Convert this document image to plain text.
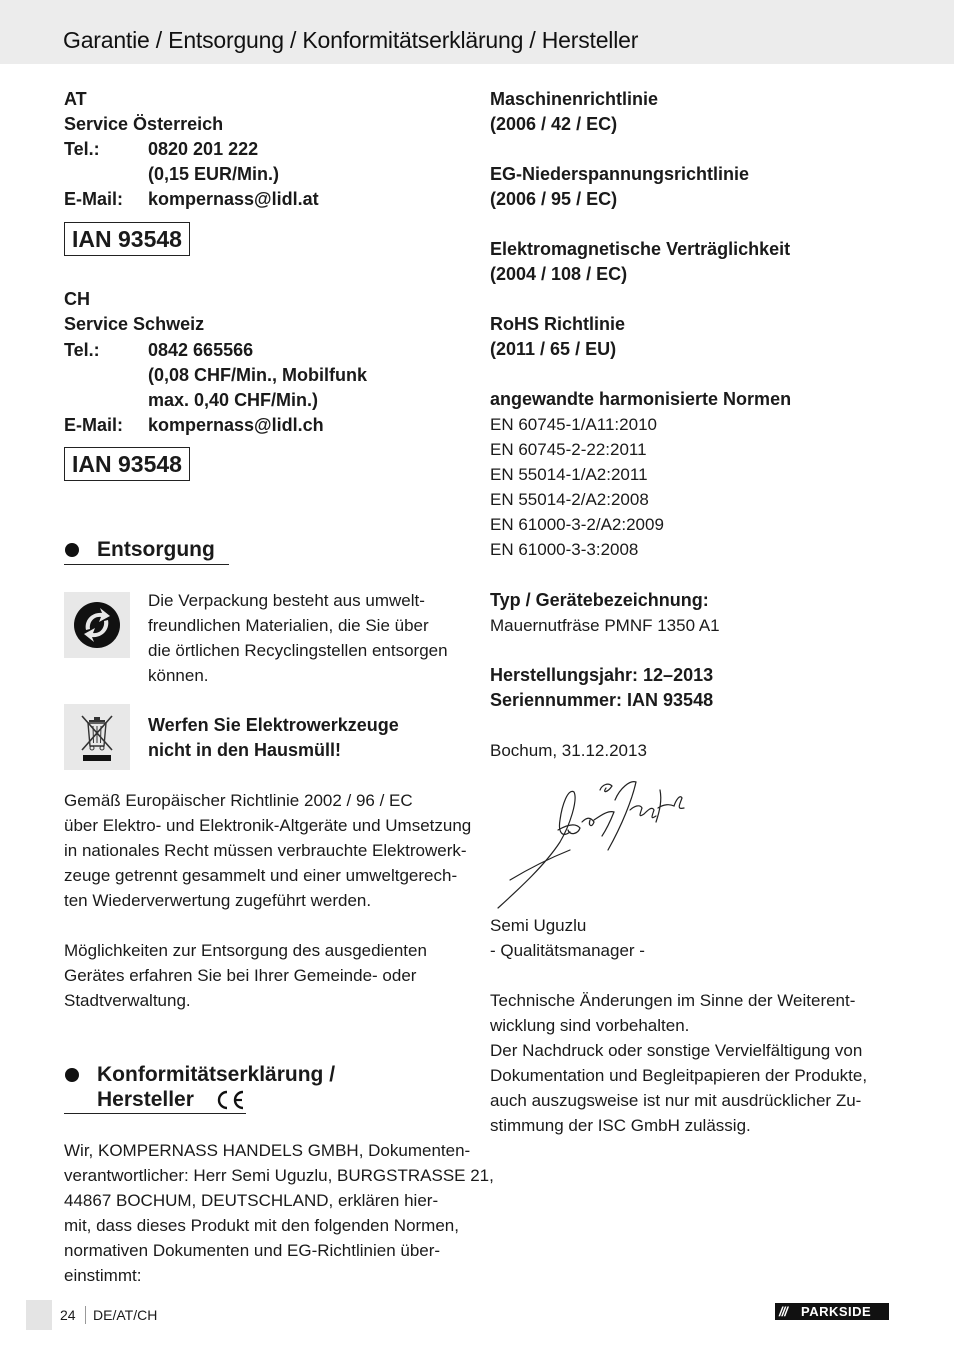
Garantie / Entsorgung / Konformitätserklärung / Hersteller
AT
Service Österreich
Tel.:	0820 201 222
(0,15 EUR/Min.)
E-Mail: kompernass@lidl.at
IAN 93548
CH
Service Schweiz
Tel.:	0842 665566
(0,08 CHF/Min., Mobilfunk
max. 0,40 CHF/Min.)
E-Mail: kompernass@lidl.ch
IAN 93548
Entsorgung
Die Verpackung besteht aus umwelt-
freundlichen Materialien, die Sie über
die örtlichen Recyclingstellen entsorgen
können.
Werfen Sie Elektrowerkzeuge
nicht in den Hausmüll!
Gemäß Europäischer Richtlinie 2002 / 96 / EC
über Elektro- und Elektronik-Altgeräte und Umsetzung
in nationales Recht müssen verbrauchte Elektrowerk-
zeuge getrennt gesammelt und einer umweltgerech-
ten Wiederverwertung zugeführt werden.
Möglichkeiten zur Entsorgung des ausgedienten
Gerätes erfahren Sie bei Ihrer Gemeinde- oder
Stadtverwaltung.
Konformitätserklärung /
Hersteller
Wir, KOMPERNASS HANDELS GMBH, Dokumenten-
verantwortlicher: Herr Semi Uguzlu, BURGSTRASSE 21,
44867 BOCHUM, DEUTSCHLAND, erklären hier-
mit, dass dieses Produkt mit den folgenden Normen,
normativen Dokumenten und EG-Richtlinien über-
einstimmt:
Maschinenrichtlinie
(2006 / 42 / EC)
EG-Niederspannungsrichtlinie
(2006 / 95 / EC)
Elektromagnetische Verträglichkeit
(2004 / 108 / EC)
RoHS Richtlinie
(2011 / 65 / EU)
angewandte harmonisierte Normen
EN 60745-1/A11:2010
EN 60745-2-22:2011
EN 55014-1/A2:2011
EN 55014-2/A2:2008
EN 61000-3-2/A2:2009
EN 61000-3-3:2008
Typ / Gerätebezeichnung:
Mauernutfräse PMNF 1350 A1
Herstellungsjahr: 12–2013
Seriennummer: IAN 93548
Bochum, 31.12.2013
Semi Uguzlu
- Qualitätsmanager -
Technische Änderungen im Sinne der Weiterent-
wicklung sind vorbehalten.
Der Nachdruck oder sonstige Vervielfältigung von
Dokumentation und Begleitpapieren der Produkte,
auch auszugsweise ist nur mit ausdrücklicher Zu-
stimmung der ISC GmbH zulässig.
24 DE/AT/CH	/// PARKSIDE
